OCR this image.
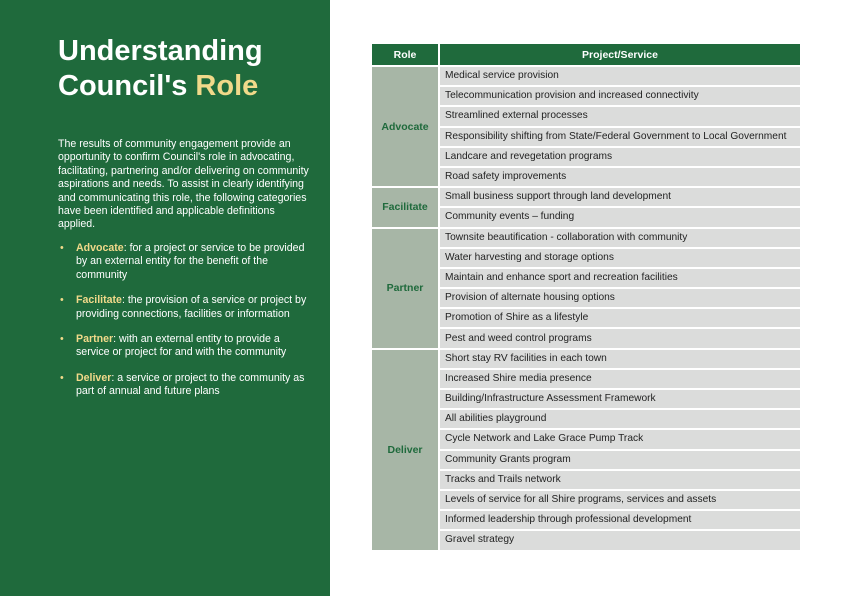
Understanding
Council's Role

The results of community engagement provide an opportunity to confirm Council's role in advocating, facilitating, partnering and/or delivering on community aspirations and needs. To assist in clearly identifying and communicating this role, the following categories have been identified and applicable definitions applied.

• Advocate: for a project or service to be provided by an external entity for the benefit of the community
• Facilitate: the provision of a service or project by providing connections, facilities or information
• Partner: with an external entity to provide a service or project for and with the community
• Deliver: a service or project to the community as part of annual and future plans
Role		Project/Service
Advocate		Medical service provision
		Telecommunication provision and increased connectivity
		Streamlined external processes
		Responsibility shifting from State/Federal Government to Local Government
		Landcare and revegetation programs
		Road safety improvements
Facilitate		Small business support through land development
		Community events – funding
Partner		Townsite beautification - collaboration with community
		Water harvesting and storage options
		Maintain and enhance sport and recreation facilities
		Provision of alternate housing options
		Promotion of Shire as a lifestyle
		Pest and weed control programs
Deliver		Short stay RV facilities in each town
		Increased Shire media presence
		Building/Infrastructure Assessment Framework
		All abilities playground
		Cycle Network and Lake Grace Pump Track
		Community Grants program
		Tracks and Trails network
		Levels of service for all Shire programs, services and assets
		Informed leadership through professional development
		Gravel strategy
